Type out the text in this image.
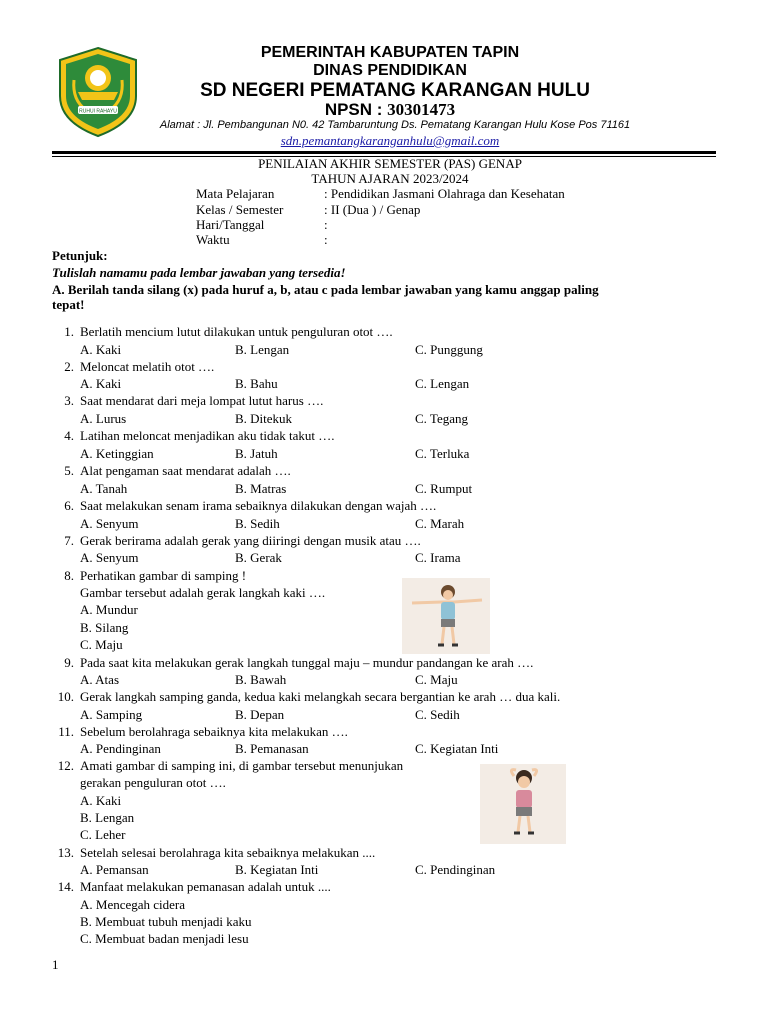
RUHUI RAHAYU
PEMERINTAH KABUPATEN TAPIN
DINAS PENDIDIKAN
SD NEGERI PEMATANG KARANGAN HULU
NPSN : 30301473
Alamat : Jl. Pembangunan N0. 42 Tambaruntung Ds. Pematang Karangan Hulu Kose Pos 71161
sdn.pemantangkaranganhulu@gmail.com
PENILAIAN AKHIR SEMESTER (PAS) GENAP
TAHUN AJARAN 2023/2024
Mata Pelajaran	: Pendidikan Jasmani Olahraga dan Kesehatan
Kelas / Semester	: II (Dua ) / Genap
Hari/Tanggal	:
Waktu	:
Petunjuk:
Tulislah namamu pada lembar jawaban yang tersedia!
A. Berilah tanda silang (x) pada huruf a, b, atau c pada lembar jawaban yang kamu anggap paling
tepat!
1. Berlatih mencium lutut dilakukan untuk penguluran otot ….
A. Kaki	B. Lengan	C. Punggung
2. Meloncat melatih otot ….
A. Kaki	B. Bahu	C. Lengan
3. Saat mendarat dari meja lompat lutut harus ….
A. Lurus	B. Ditekuk	C. Tegang
4. Latihan meloncat menjadikan aku tidak takut ….
A. Ketinggian	B. Jatuh	C. Terluka
5. Alat pengaman saat mendarat adalah ….
A. Tanah	B. Matras	C. Rumput
6. Saat melakukan senam irama sebaiknya dilakukan dengan wajah ….
A. Senyum	B. Sedih	C. Marah
7. Gerak berirama adalah gerak yang diiringi dengan musik atau ….
A. Senyum	B. Gerak	C. Irama
8. Perhatikan gambar di samping !
Gambar tersebut adalah gerak langkah kaki ….
A. Mundur
B. Silang
C. Maju
9. Pada saat kita melakukan gerak langkah tunggal maju – mundur pandangan ke arah ….
A. Atas	B. Bawah	C. Maju
10. Gerak langkah samping ganda, kedua kaki melangkah secara bergantian ke arah … dua kali.
A. Samping	B. Depan	C. Sedih
11. Sebelum berolahraga sebaiknya kita melakukan ….
A. Pendinginan	B. Pemanasan	C. Kegiatan Inti
12. Amati gambar di samping ini, di gambar tersebut menunjukan
gerakan penguluran otot ….
A. Kaki
B. Lengan
C. Leher
13. Setelah selesai berolahraga kita sebaiknya melakukan ....
A. Pemansan	B. Kegiatan Inti	C. Pendinginan
14. Manfaat melakukan pemanasan adalah untuk ....
A. Mencegah cidera
B. Membuat tubuh menjadi kaku
C. Membuat badan menjadi lesu
1
